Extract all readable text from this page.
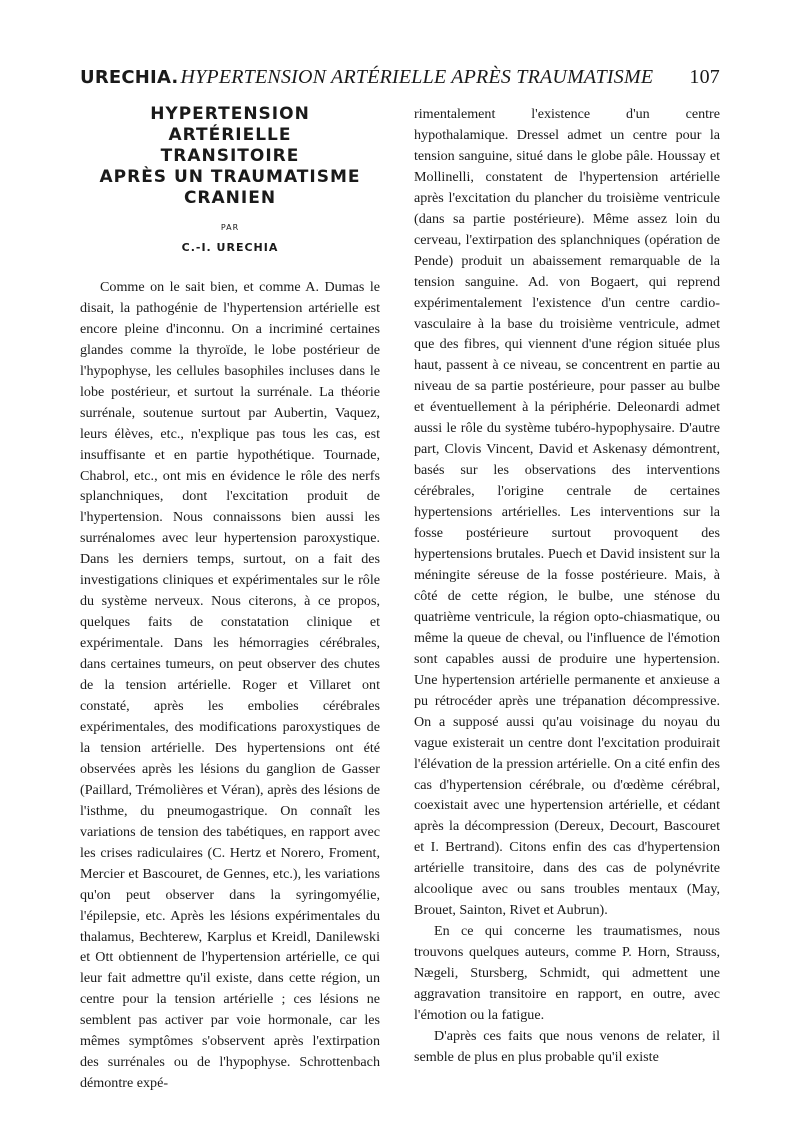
URECHIA. HYPERTENSION ARTÉRIELLE APRÈS TRAUMATISME 107
HYPERTENSION
ARTÉRIELLE
TRANSITOIRE
APRÈS UN TRAUMATISME
CRANIEN
PAR
C.-I. URECHIA

Comme on le sait bien, et comme A. Dumas le disait, la pathogénie de l'hypertension artérielle est encore pleine d'inconnu. On a incriminé certaines glandes comme la thyroïde, le lobe postérieur de l'hypophyse, les cellules basophiles incluses dans le lobe postérieur, et surtout la surrénale. La théorie surrénale, soutenue surtout par Aubertin, Vaquez, leurs élèves, etc., n'explique pas tous les cas, est insuffisante et en partie hypothétique. Tournade, Chabrol, etc., ont mis en évidence le rôle des nerfs splanchniques, dont l'excitation produit de l'hypertension. Nous connaissons bien aussi les surrénalomes avec leur hypertension paroxystique. Dans les derniers temps, surtout, on a fait des investigations cliniques et expérimentales sur le rôle du système nerveux. Nous citerons, à ce propos, quelques faits de constatation clinique et expérimentale. Dans les hémorragies cérébrales, dans certaines tumeurs, on peut observer des chutes de la tension artérielle. Roger et Villaret ont constaté, après les embolies cérébrales expérimentales, des modifications paroxystiques de la tension artérielle. Des hypertensions ont été observées après les lésions du ganglion de Gasser (Paillard, Trémolières et Véran), après des lésions de l'isthme, du pneumogastrique. On connaît les variations de tension des tabétiques, en rapport avec les crises radiculaires (C. Hertz et Norero, Froment, Mercier et Bascouret, de Gennes, etc.), les variations qu'on peut observer dans la syringomyélie, l'épilepsie, etc. Après les lésions expérimentales du thalamus, Bechterew, Karplus et Kreidl, Danilewski et Ott obtiennent de l'hypertension artérielle, ce qui leur fait admettre qu'il existe, dans cette région, un centre pour la tension artérielle ; ces lésions ne semblent pas activer par voie hormonale, car les mêmes symptômes s'observent après l'extirpation des surrénales ou de l'hypophyse. Schrottenbach démontre expé-

rimentalement l'existence d'un centre hypothalamique. Dressel admet un centre pour la tension sanguine, situé dans le globe pâle. Houssay et Mollinelli, constatent de l'hypertension artérielle après l'excitation du plancher du troisième ventricule (dans sa partie postérieure). Même assez loin du cerveau, l'extirpation des splanchniques (opération de Pende) produit un abaissement remarquable de la tension sanguine. Ad. von Bogaert, qui reprend expérimentalement l'existence d'un centre cardio-vasculaire à la base du troisième ventricule, admet que des fibres, qui viennent d'une région située plus haut, passent à ce niveau, se concentrent en partie au niveau de sa partie postérieure, pour passer au bulbe et éventuellement à la périphérie. Deleonardi admet aussi le rôle du système tubéro-hypophysaire. D'autre part, Clovis Vincent, David et Askenasy démontrent, basés sur les observations des interventions cérébrales, l'origine centrale de certaines hypertensions artérielles. Les interventions sur la fosse postérieure surtout provoquent des hypertensions brutales. Puech et David insistent sur la méningite séreuse de la fosse postérieure. Mais, à côté de cette région, le bulbe, une sténose du quatrième ventricule, la région opto-chiasmatique, ou même la queue de cheval, ou l'influence de l'émotion sont capables aussi de produire une hypertension. Une hypertension artérielle permanente et anxieuse a pu rétrocéder après une trépanation décompressive. On a supposé aussi qu'au voisinage du noyau du vague existerait un centre dont l'excitation produirait l'élévation de la pression artérielle. On a cité enfin des cas d'hypertension cérébrale, ou d'œdème cérébral, coexistait avec une hypertension artérielle, et cédant après la décompression (Dereux, Decourt, Bascouret et I. Bertrand). Citons enfin des cas d'hypertension artérielle transitoire, dans des cas de polynévrite alcoolique avec ou sans troubles mentaux (May, Brouet, Sainton, Rivet et Aubrun).

En ce qui concerne les traumatismes, nous trouvons quelques auteurs, comme P. Horn, Strauss, Nægeli, Stursberg, Schmidt, qui admettent une aggravation transitoire en rapport, en outre, avec l'émotion ou la fatigue.

D'après ces faits que nous venons de relater, il semble de plus en plus probable qu'il existe
